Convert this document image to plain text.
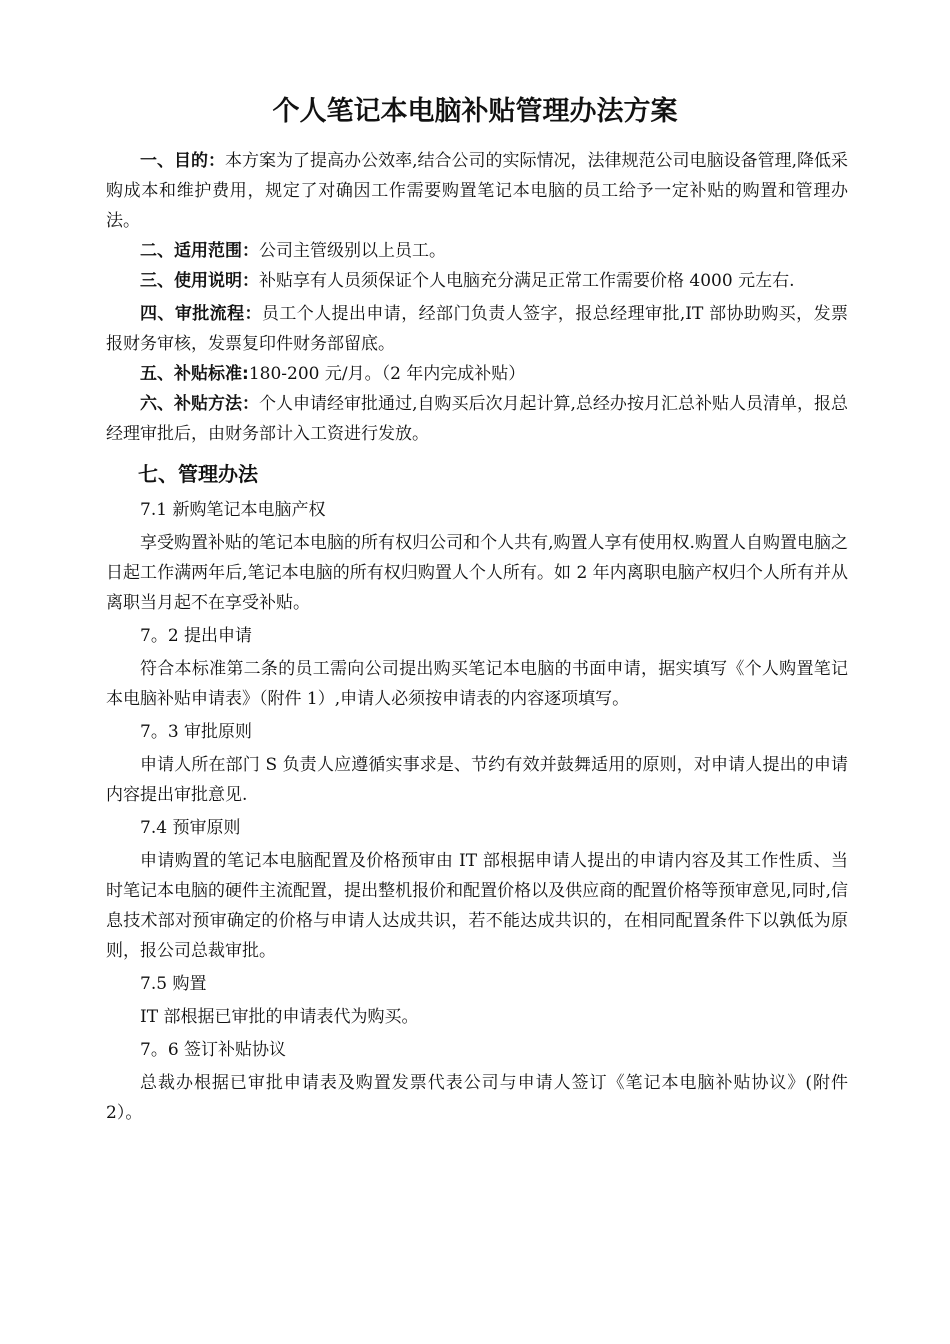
个人笔记本电脑补贴管理办法方案

一、目的：本方案为了提高办公效率,结合公司的实际情况，法律规范公司电脑设备管理,降低采购成本和维护费用，规定了对确因工作需要购置笔记本电脑的员工给予一定补贴的购置和管理办法。

二、适用范围：公司主管级别以上员工。

三、使用说明：补贴享有人员须保证个人电脑充分满足正常工作需要价格 4000 元左右.

四、审批流程：员工个人提出申请，经部门负责人签字，报总经理审批,IT 部协助购买，发票报财务审核，发票复印件财务部留底。

五、补贴标准:180-200 元/月。（2 年内完成补贴）

六、补贴方法：个人申请经审批通过,自购买后次月起计算,总经办按月汇总补贴人员清单，报总经理审批后，由财务部计入工资进行发放。

七、管理办法

7.1 新购笔记本电脑产权

享受购置补贴的笔记本电脑的所有权归公司和个人共有,购置人享有使用权.购置人自购置电脑之日起工作满两年后,笔记本电脑的所有权归购置人个人所有。如 2 年内离职电脑产权归个人所有并从离职当月起不在享受补贴。

7。2 提出申请

符合本标准第二条的员工需向公司提出购买笔记本电脑的书面申请，据实填写《个人购置笔记本电脑补贴申请表》（附件 1）,申请人必须按申请表的内容逐项填写。

7。3 审批原则

申请人所在部门 S 负责人应遵循实事求是、节约有效并鼓舞适用的原则，对申请人提出的申请内容提出审批意见.

7.4 预审原则

申请购置的笔记本电脑配置及价格预审由 IT 部根据申请人提出的申请内容及其工作性质、当时笔记本电脑的硬件主流配置，提出整机报价和配置价格以及供应商的配置价格等预审意见,同时,信息技术部对预审确定的价格与申请人达成共识，若不能达成共识的，在相同配置条件下以孰低为原则，报公司总裁审批。

7.5 购置

IT 部根据已审批的申请表代为购买。

7。6 签订补贴协议

总裁办根据已审批申请表及购置发票代表公司与申请人签订《笔记本电脑补贴协议》(附件 2）。
